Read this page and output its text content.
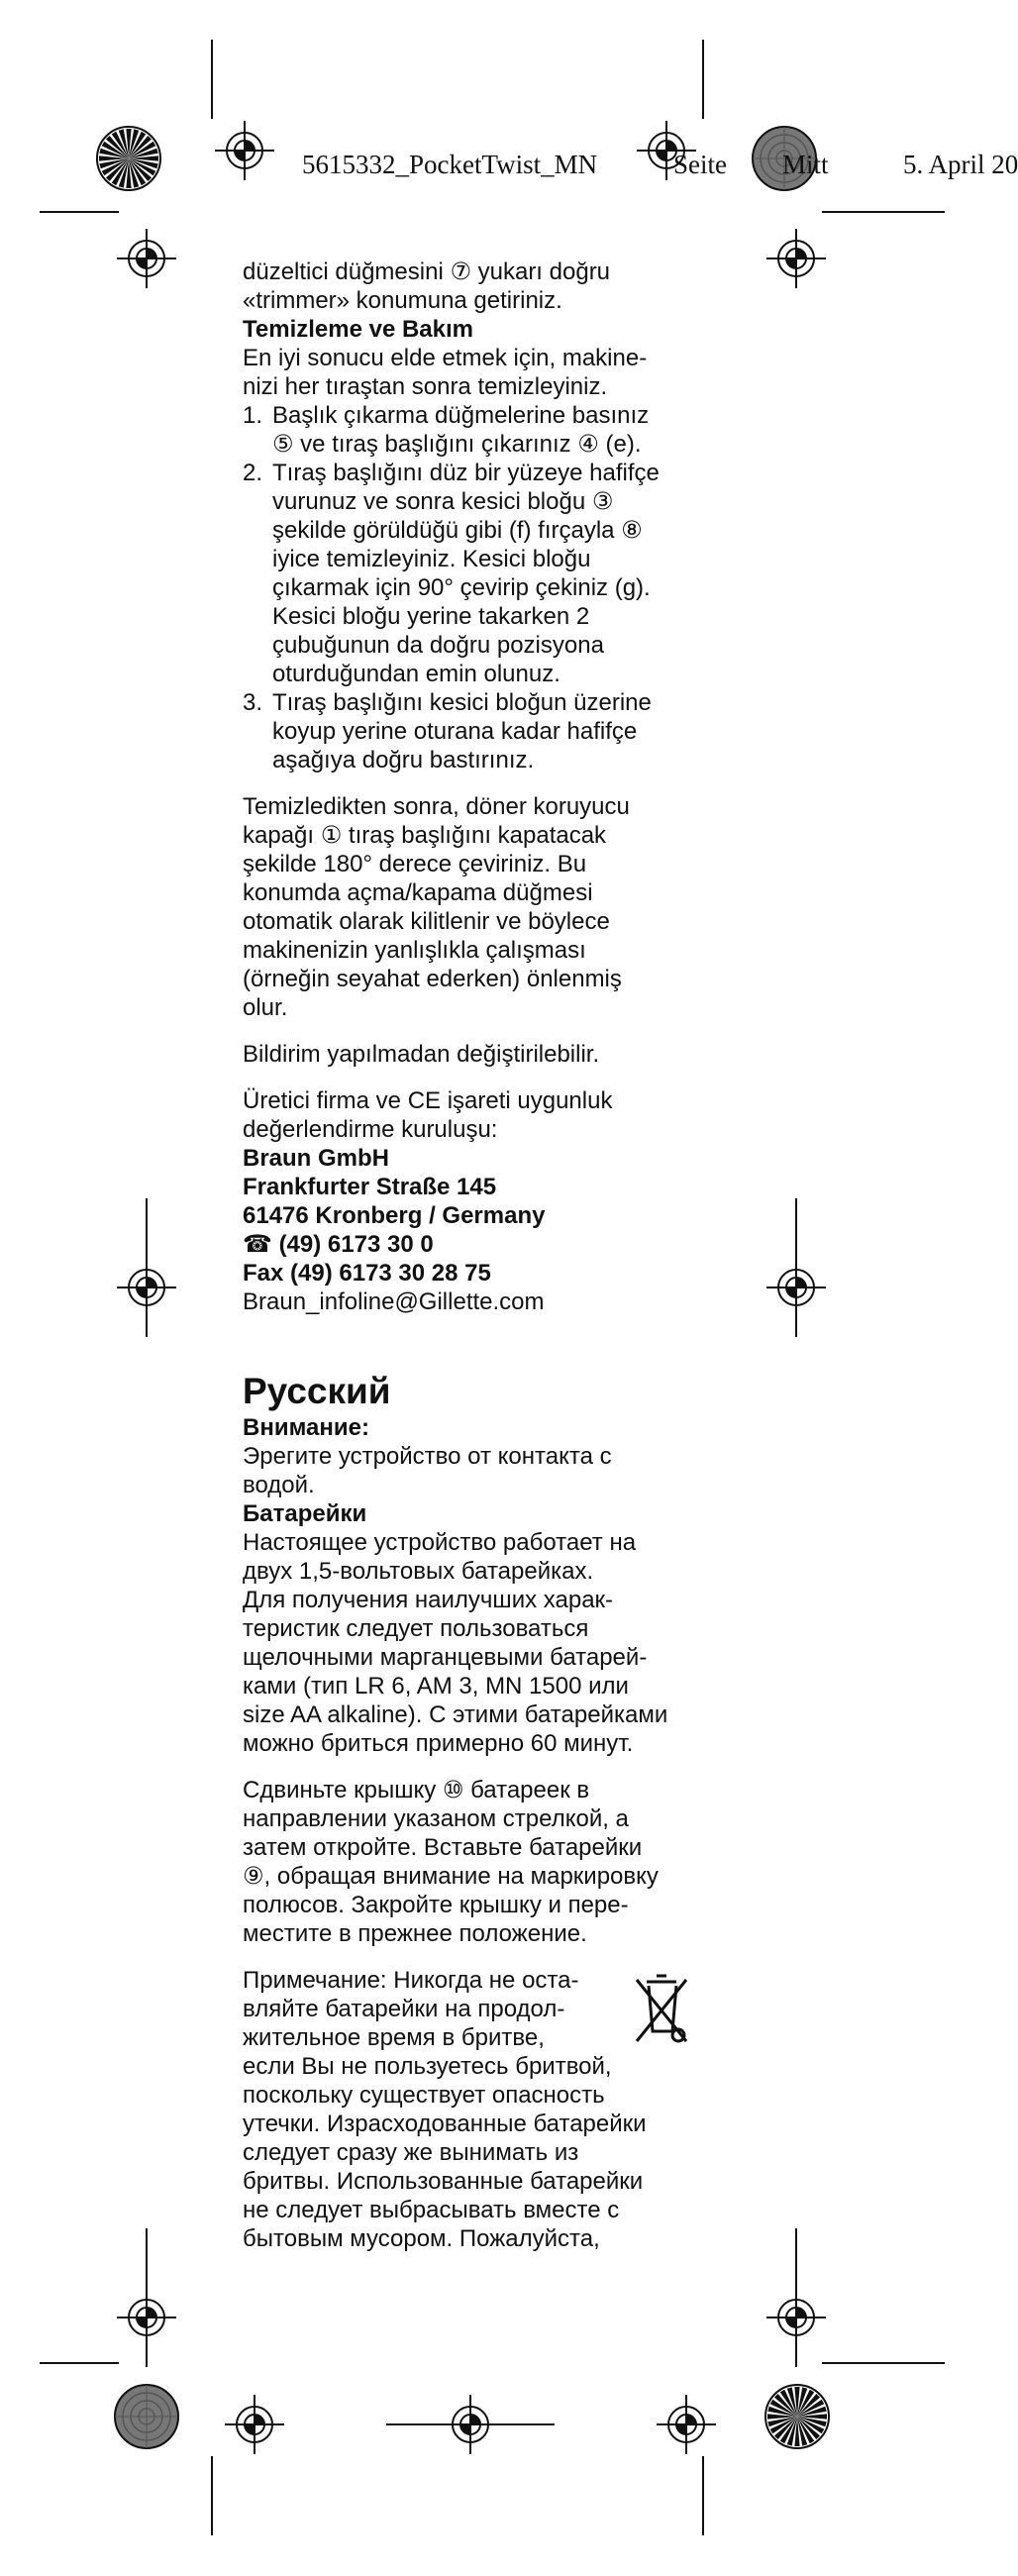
5615332_PocketTwist_MN	Seite Mitt	5. April 20

düzeltici düğmesini ⑦ yukarı doğru

«trimmer» konumuna getiriniz.

Temizleme ve Bakım

En iyi sonucu elde etmek için, makine-

nizi her tıraştan sonra temizleyiniz.

1. Başlık çıkarma düğmelerine basınız

⑤ ve tıraş başlığını çıkarınız ④ (e).

2. Tıraş başlığını düz bir yüzeye hafifçe

vurunuz ve sonra kesici bloğu ③

şekilde görüldüğü gibi (f) fırçayla ⑧

iyice temizleyiniz. Kesici bloğu

çıkarmak için 90° çevirip çekiniz (g).

Kesici bloğu yerine takarken 2

çubuğunun da doğru pozisyona

oturduğundan emin olunuz.

3. Tıraş başlığını kesici bloğun üzerine

koyup yerine oturana kadar hafifçe

aşağıya doğru bastırınız.

Temizledikten sonra, döner koruyucu

kapağı ① tıraş başlığını kapatacak

şekilde 180° derece çeviriniz. Bu

konumda açma/kapama düğmesi

otomatik olarak kilitlenir ve böylece

makinenizin yanlışlıkla çalışması

(örneğin seyahat ederken) önlenmiş

olur.

Bildirim yapılmadan değiştirilebilir.

Üretici firma ve CE işareti uygunluk

değerlendirme kuruluşu:

Braun GmbH

Frankfurter Straße 145

61476 Kronberg / Germany

☎ (49) 6173 30 0

Fax (49) 6173 30 28 75

Braun_infoline@Gillette.com

Русский

Внимание:

Эрегите устройство от контакта с

водой.

Батарейки

Настоящее устройство работает на

двух 1,5-вольтовых батарейках.

Для получения наилучших харак-

теристик следует пользоваться

щелочными марганцевыми батарей-

ками (тип LR 6, AM 3, MN 1500 или

size AA alkaline). С этими батарейками

можно бриться примерно 60 минут.

Сдвиньте крышку ⑩ батареек в

направлении указаном стрелкой, а

затем откройте. Вставьте батарейки

⑨, обращая внимание на маркировку

полюсов. Закройте крышку и пере-

местите в прежнее положение.

Примечание: Никогда не оста-

вляйте батарейки на продол-

жительное время в бритве,

если Вы не пользуетесь бритвой,

поскольку существует опасность

утечки. Израсходованные батарейки

следует сразу же вынимать из

бритвы. Использованные батарейки

не следует выбрасывать вместе с

бытовым мусором. Пожалуйста,
